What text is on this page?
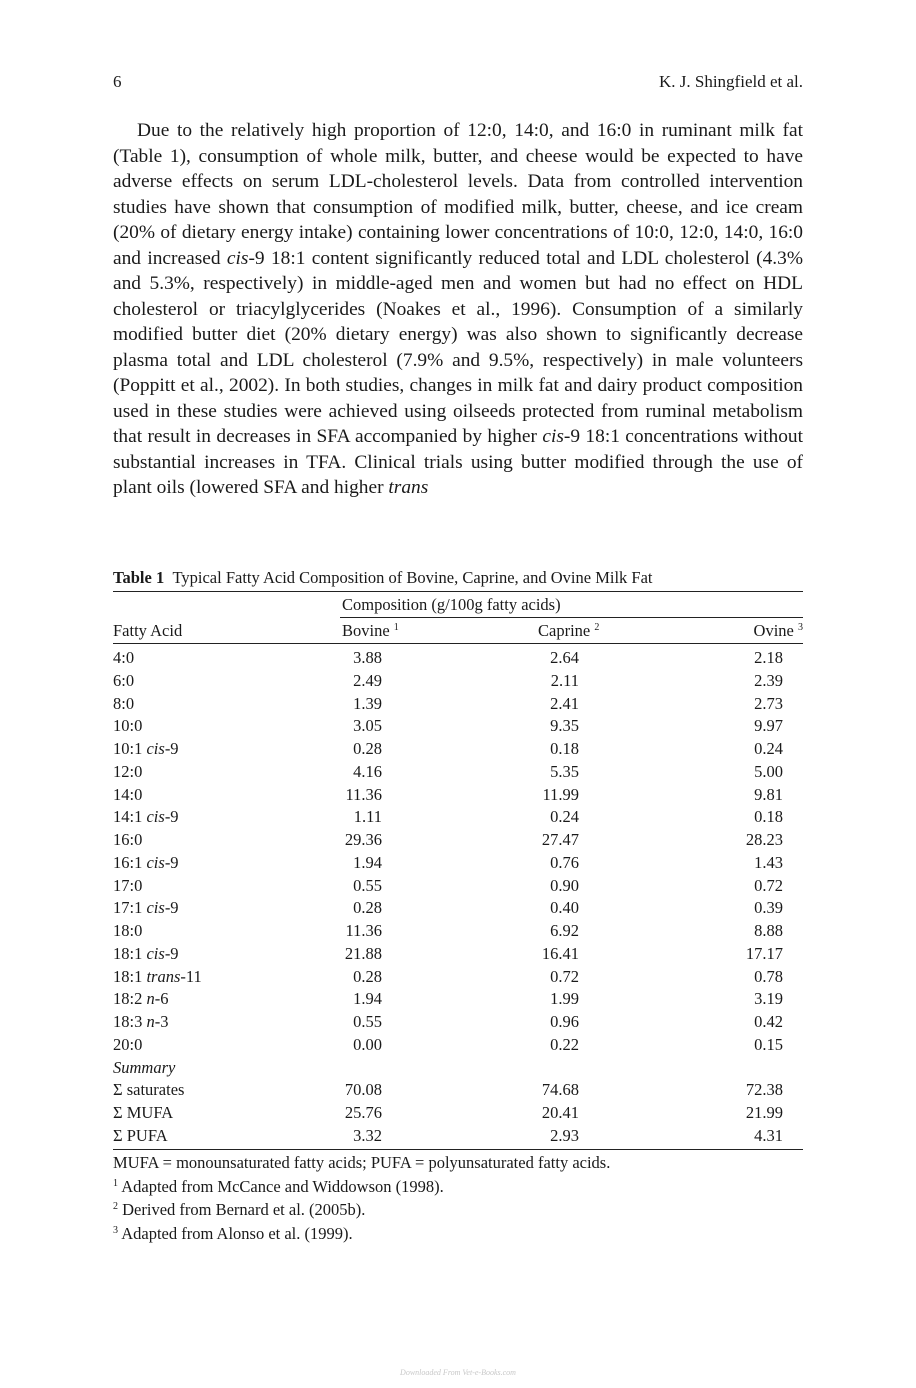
6	K. J. Shingfield et al.

Due to the relatively high proportion of 12:0, 14:0, and 16:0 in ruminant milk fat (Table 1), consumption of whole milk, butter, and cheese would be expected to have adverse effects on serum LDL-cholesterol levels. Data from controlled intervention studies have shown that consumption of modified milk, butter, cheese, and ice cream (20% of dietary energy intake) containing lower concentrations of 10:0, 12:0, 14:0, 16:0 and increased cis-9 18:1 content significantly reduced total and LDL cholesterol (4.3% and 5.3%, respectively) in middle-aged men and women but had no effect on HDL cholesterol or triacylglycerides (Noakes et al., 1996). Consumption of a similarly modified butter diet (20% dietary energy) was also shown to significantly decrease plasma total and LDL cholesterol (7.9% and 9.5%, respectively) in male volunteers (Poppitt et al., 2002). In both studies, changes in milk fat and dairy product composition used in these studies were achieved using oilseeds protected from ruminal metabolism that result in decreases in SFA accompanied by higher cis-9 18:1 concentrations without substantial increases in TFA. Clinical trials using butter modified through the use of plant oils (lowered SFA and higher trans

Table 1 Typical Fatty Acid Composition of Bovine, Caprine, and Ovine Milk Fat
Composition (g/100g fatty acids)
Fatty Acid	Bovine $^1$	Caprine $^2$	Ovine $^3$
4:0	3.88	2.64	2.18
6:0	2.49	2.11	2.39
8:0	1.39	2.41	2.73
10:0	3.05	9.35	9.97
10:1 cis-9	0.28	0.18	0.24
12:0	4.16	5.35	5.00
14:0	11.36	11.99	9.81
14:1 cis-9	1.11	0.24	0.18
16:0	29.36	27.47	28.23
16:1 cis-9	1.94	0.76	1.43
17:0	0.55	0.90	0.72
17:1 cis-9	0.28	0.40	0.39
18:0	11.36	6.92	8.88
18:1 cis-9	21.88	16.41	17.17
18:1 trans-11	0.28	0.72	0.78
18:2 n-6	1.94	1.99	3.19
18:3 n-3	0.55	0.96	0.42
20:0	0.00	0.22	0.15
Summary
Σ saturates	70.08	74.68	72.38
Σ MUFA	25.76	20.41	21.99
Σ PUFA	3.32	2.93	4.31
MUFA = monounsaturated fatty acids; PUFA = polyunsaturated fatty acids.
$^1$ Adapted from McCance and Widdowson (1998).
$^2$ Derived from Bernard et al. (2005b).
$^3$ Adapted from Alonso et al. (1999).
Downloaded From Vet-e-Books.com
